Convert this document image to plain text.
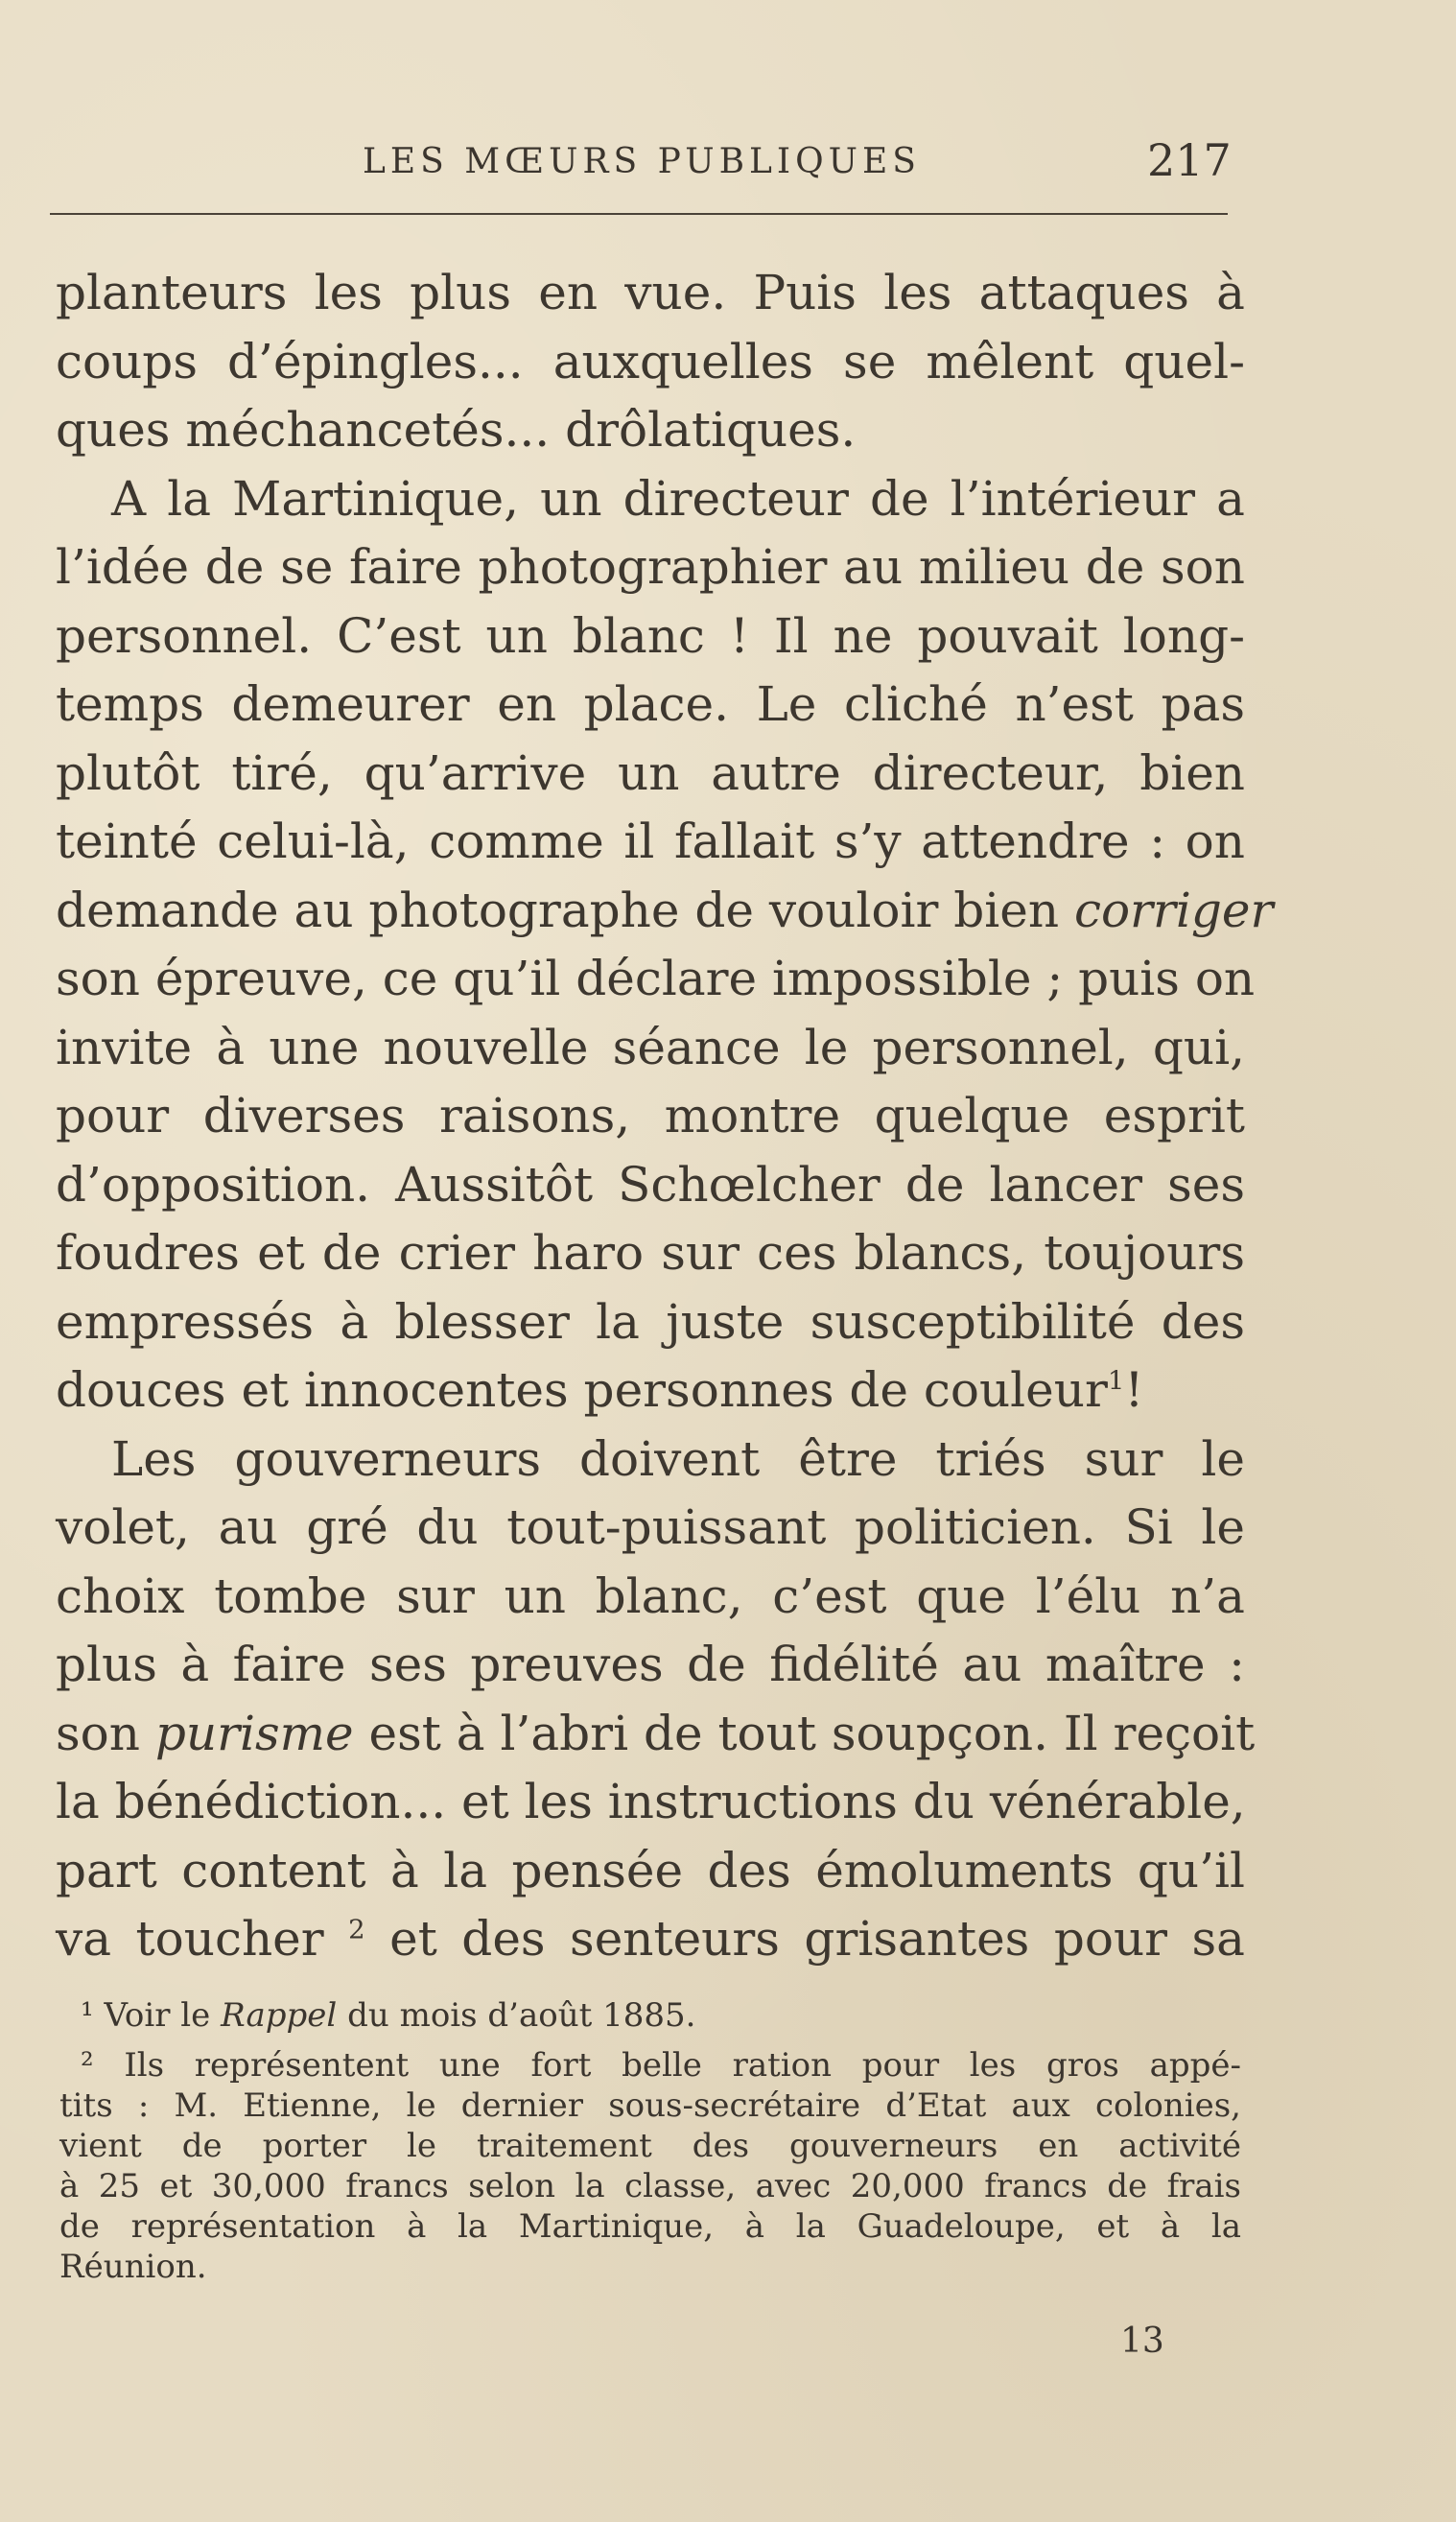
LES MŒURS PUBLIQUES	217
planteurs les plus en vue. Puis les attaques à
coups d’épingles... auxquelles se mêlent quel-
ques méchancetés... drôlatiques.
A la Martinique, un directeur de l’intérieur a
l’idée de se faire photographier au milieu de son
personnel. C’est un blanc ! Il ne pouvait long-
temps demeurer en place. Le cliché n’est pas
plutôt tiré, qu’arrive un autre directeur, bien
teinté celui-là, comme il fallait s’y attendre : on
demande au photographe de vouloir bien corriger
son épreuve, ce qu’il déclare impossible ; puis on
invite à une nouvelle séance le personnel, qui,
pour diverses raisons, montre quelque esprit
d’opposition. Aussitôt Schœlcher de lancer ses
foudres et de crier haro sur ces blancs, toujours
empressés à blesser la juste susceptibilité des
douces et innocentes personnes de couleur$^1$!
Les gouverneurs doivent être triés sur le
volet, au gré du tout-puissant politicien. Si le
choix tombe sur un blanc, c’est que l’élu n’a
plus à faire ses preuves de fidélité au maître :
son purisme est à l’abri de tout soupçon. Il reçoit
la bénédiction... et les instructions du vénérable,
part content à la pensée des émoluments qu’il
va toucher $^2$ et des senteurs grisantes pour sa
¹ Voir le Rappel du mois d’août 1885.
² Ils représentent une fort belle ration pour les gros appé-
tits : M. Etienne, le dernier sous-secrétaire d’Etat aux colonies,
vient de porter le traitement des gouverneurs en activité
à 25 et 30,000 francs selon la classe, avec 20,000 francs de frais
de représentation à la Martinique, à la Guadeloupe, et à la
Réunion.
13
